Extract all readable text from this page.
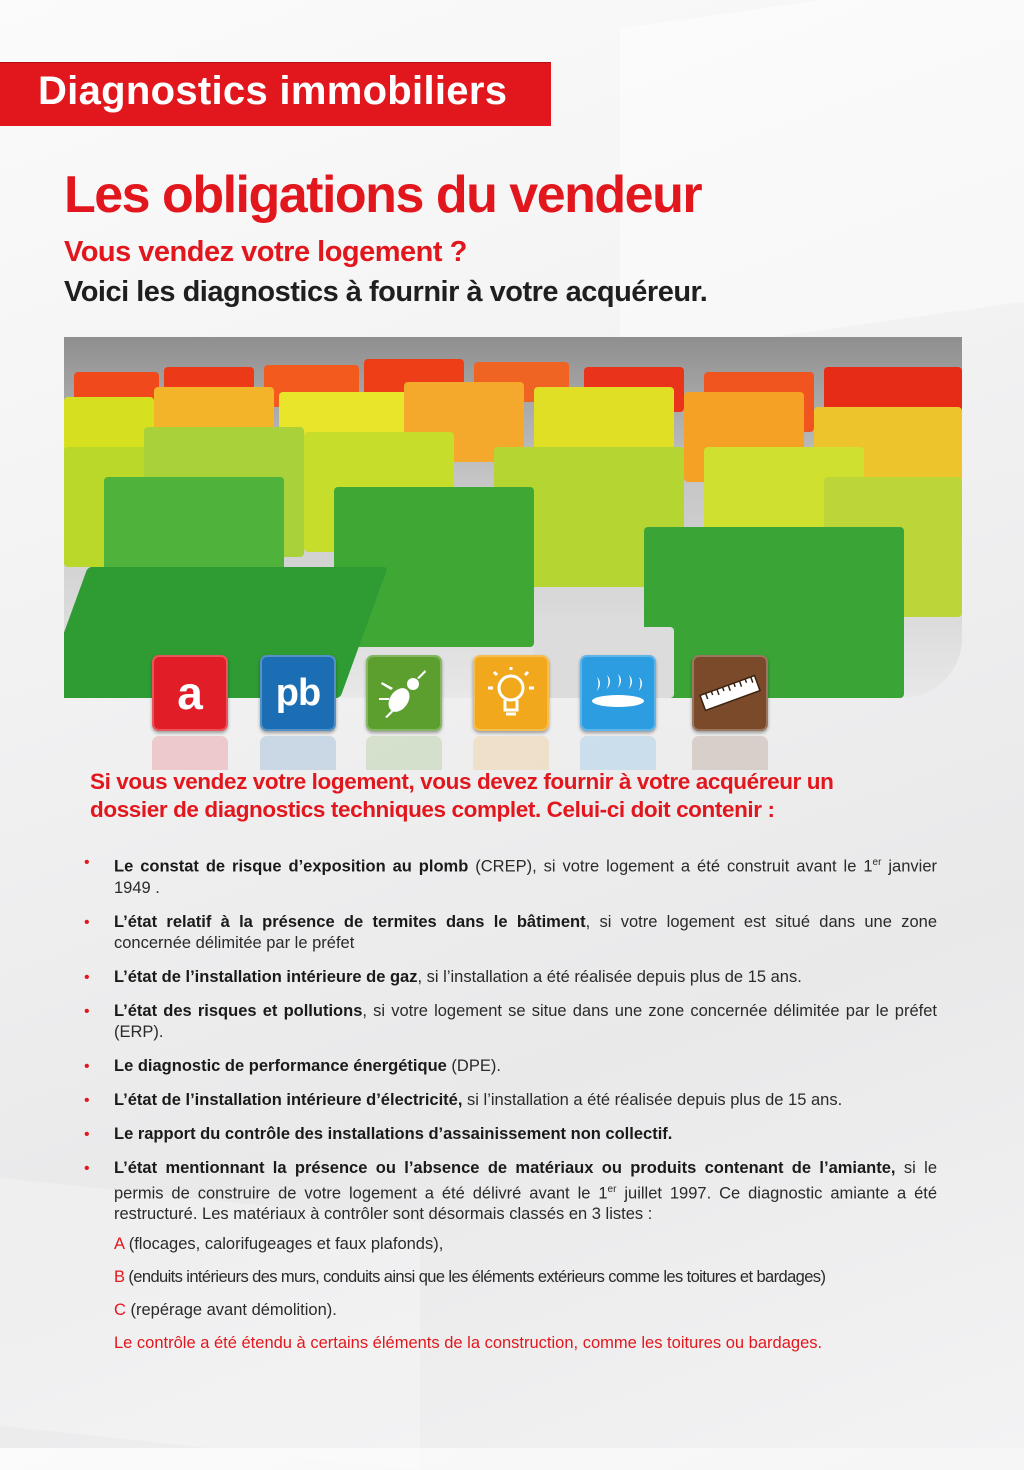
Diagnostics immobiliers
Les obligations du vendeur
Vous vendez votre logement ?
Voici les diagnostics à fournir à votre acquéreur.
a pb
Si vous vendez votre logement, vous devez fournir à votre acquéreur un dossier de diagnostics techniques complet. Celui-ci doit contenir :
• Le constat de risque d’exposition au plomb (CREP), si votre logement a été construit avant le 1er janvier 1949 .
• L’état relatif à la présence de termites dans le bâtiment, si votre logement est situé dans une zone concernée délimitée par le préfet
• L’état de l’installation intérieure de gaz, si l’installation a été réalisée depuis plus de 15 ans.
• L’état des risques et pollutions, si votre logement se situe dans une zone concernée délimitée par le préfet (ERP).
• Le diagnostic de performance énergétique (DPE).
• L’état de l’installation intérieure d’électricité, si l’installation a été réalisée depuis plus de 15 ans.
• Le rapport du contrôle des installations d’assainissement non collectif.
• L’état mentionnant la présence ou l’absence de matériaux ou produits contenant de l’amiante, si le permis de construire de votre logement a été délivré avant le 1er juillet 1997. Ce diagnostic amiante a été restructuré. Les matériaux à contrôler sont désormais classés en 3 listes :
A (flocages, calorifugeages et faux plafonds),
B (enduits intérieurs des murs, conduits ainsi que les éléments extérieurs comme les toitures et bardages)
C (repérage avant démolition).
Le contrôle a été étendu à certains éléments de la construction, comme les toitures ou bardages.
